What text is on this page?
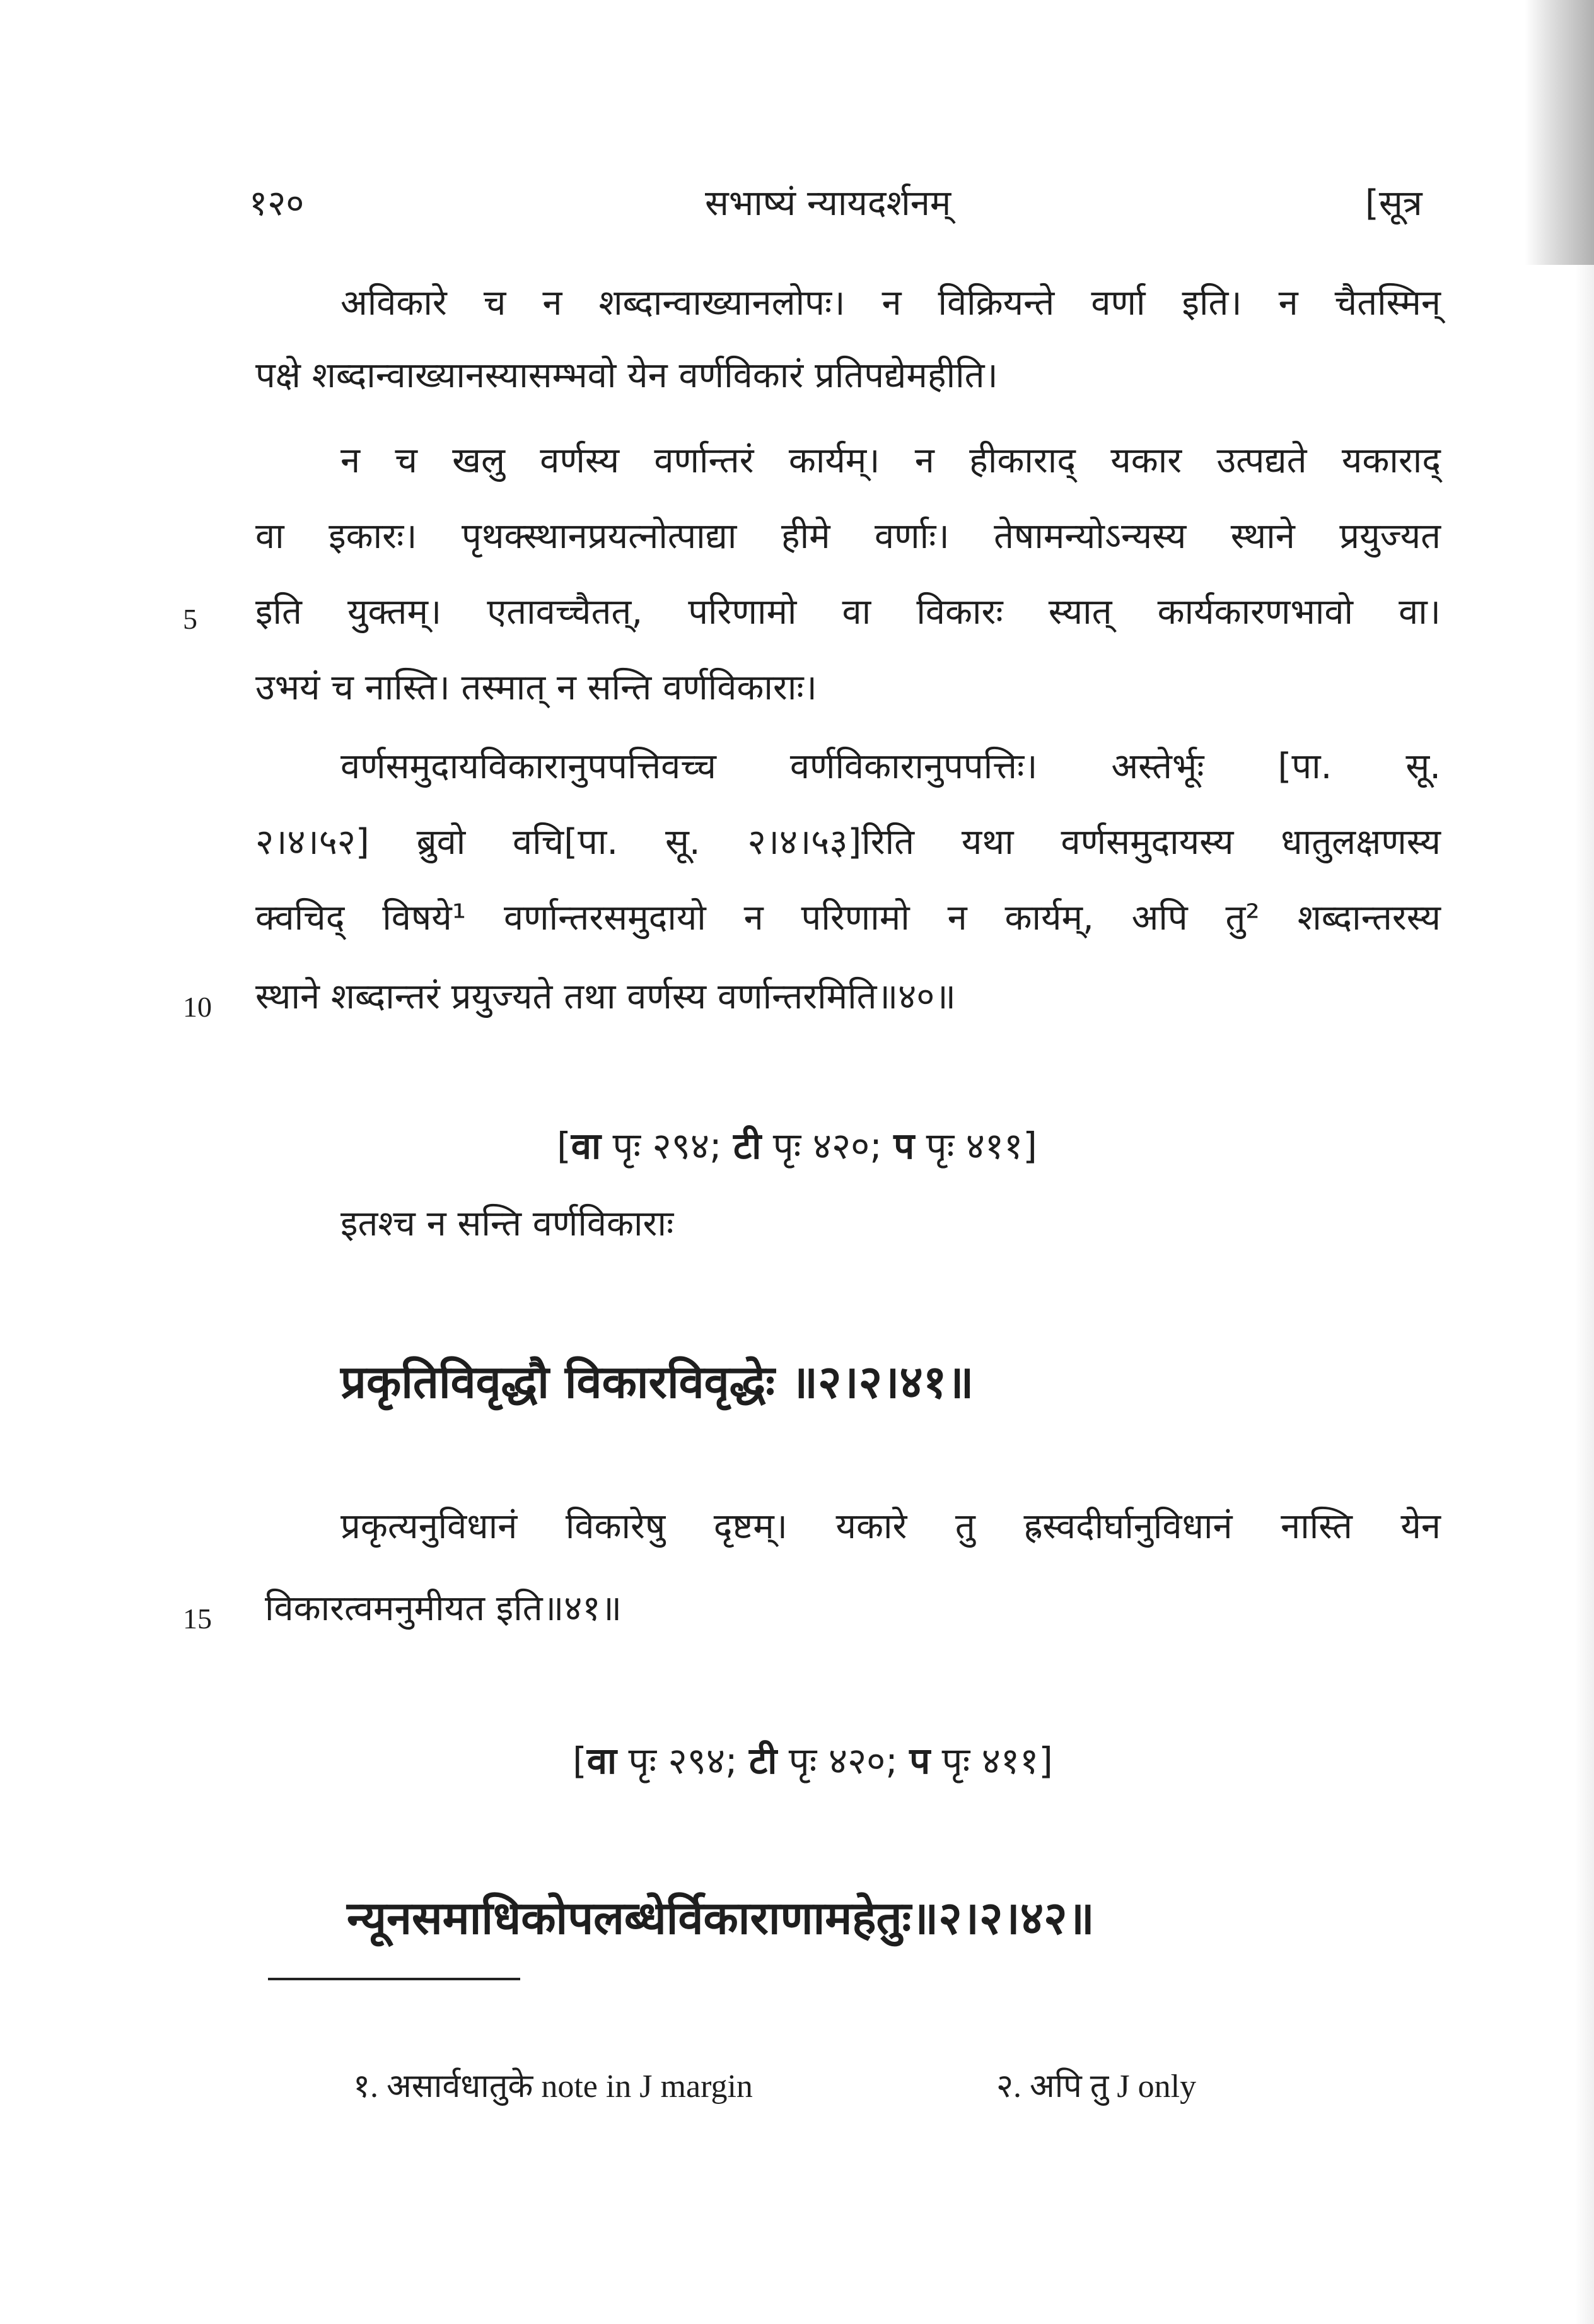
१२०	सभाष्यं न्यायदर्शनम्	[सूत्र
अविकारे च न शब्दान्वाख्यानलोपः। न विक्रियन्ते वर्णा इति। न चैतस्मिन्
पक्षे शब्दान्वाख्यानस्यासम्भवो येन वर्णविकारं प्रतिपद्येमहीति।
न च खलु वर्णस्य वर्णान्तरं कार्यम्। न हीकाराद् यकार उत्पद्यते यकाराद्
वा इकारः। पृथक्स्थानप्रयत्नोत्पाद्या हीमे वर्णाः। तेषामन्योऽन्यस्य स्थाने प्रयुज्यत
5 इति युक्तम्। एतावच्चैतत्, परिणामो वा विकारः स्यात् कार्यकारणभावो वा।
उभयं च नास्ति। तस्मात् न सन्ति वर्णविकाराः।
वर्णसमुदायविकारानुपपत्तिवच्च वर्णविकारानुपपत्तिः। अस्तेर्भूः [पा. सू.
२।४।५२] ब्रुवो वचि[पा. सू. २।४।५३]रिति यथा वर्णसमुदायस्य धातुलक्षणस्य
क्वचिद् विषये¹ वर्णान्तरसमुदायो न परिणामो न कार्यम्, अपि तु² शब्दान्तरस्य
10 स्थाने शब्दान्तरं प्रयुज्यते तथा वर्णस्य वर्णान्तरमिति॥४०॥
[वा पृः २९४; टी पृः ४२०; प पृः ४११]
इतश्च न सन्ति वर्णविकाराः
प्रकृतिविवृद्धौ विकारविवृद्धेः ॥२।२।४१॥
प्रकृत्यनुविधानं विकारेषु दृष्टम्। यकारे तु ह्रस्वदीर्घानुविधानं नास्ति येन
15 विकारत्वमनुमीयत इति॥४१॥
[वा पृः २९४; टी पृः ४२०; प पृः ४११]
न्यूनसमाधिकोपलब्धेर्विकाराणामहेतुः॥२।२।४२॥
१. असार्वधातुके note in J margin	२. अपि तु J only
